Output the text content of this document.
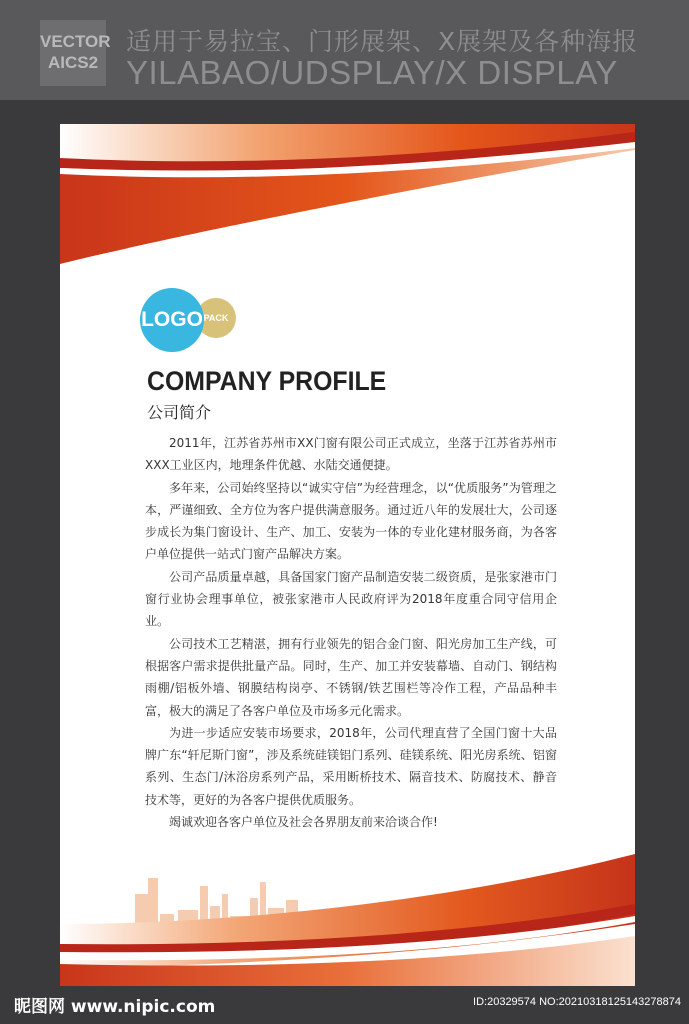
VECTOR
AICS2
适用于易拉宝、门形展架、X展架及各种海报
YILABAO/UDSPLAY/X DISPLAY
PACK
LOGO
COMPANY PROFILE
公司简介

2011年，江苏省苏州市XX门窗有限公司正式成立，坐落于江苏省苏州市XXX工业区内，地理条件优越、水陆交通便捷。

多年来，公司始终坚持以“诚实守信”为经营理念，以“优质服务”为管理之本，严谨细致、全方位为客户提供满意服务。通过近八年的发展壮大，公司逐步成长为集门窗设计、生产、加工、安装为一体的专业化建材服务商，为各客户单位提供一站式门窗产品解决方案。

公司产品质量卓越，具备国家门窗产品制造安装二级资质，是张家港市门窗行业协会理事单位，被张家港市人民政府评为2018年度重合同守信用企业。

公司技术工艺精湛，拥有行业领先的铝合金门窗、阳光房加工生产线，可根据客户需求提供批量产品。同时，生产、加工并安装幕墙、自动门、钢结构雨棚/铝板外墙、钢膜结构岗亭、不锈钢/铁艺围栏等冷作工程，产品品种丰富，极大的满足了各客户单位及市场多元化需求。

为进一步适应安装市场要求，2018年，公司代理直营了全国门窗十大品牌广东“轩尼斯门窗”，涉及系统硅镁铝门系列、硅镁系统、阳光房系统、铝窗系列、生态门/沐浴房系列产品，采用断桥技术、隔音技术、防腐技术、静音技术等，更好的为各客户提供优质服务。

竭诚欢迎各客户单位及社会各界朋友前来洽谈合作!

昵图网 www.nipic.com	ID:20329574 NO:20210318125143278874
